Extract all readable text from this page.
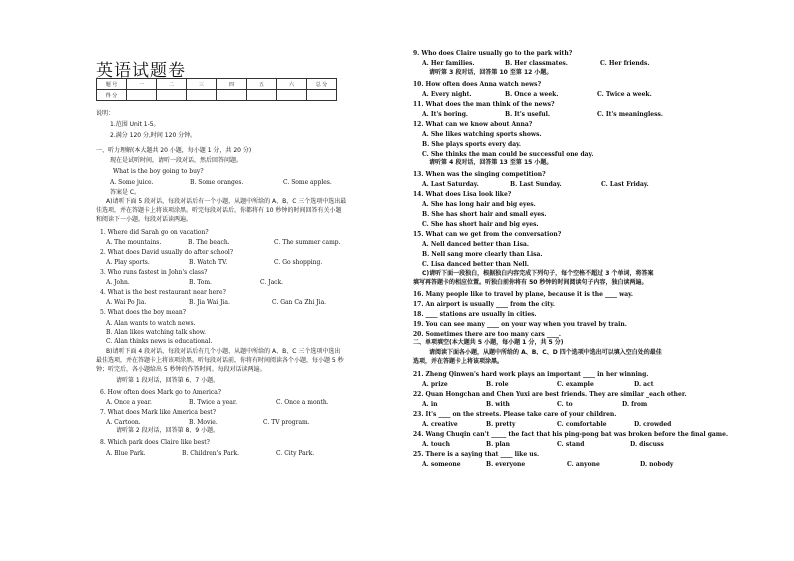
英语试题卷
题 号	一	二	三	四	五	六	总 分
得 分							
说明：
1.范围 Unit 1-5。
2.满分 120 分,时间 120 分钟。
一、听力理解(本大题共 20 小题，每小题 1 分，共 20 分)
现在是试听时间，请听一段对话，然后回答问题。
What is the boy going to buy?
A. Some juice.	B. Some oranges.	C. Some apples.
答案是 C。
A)请听下面 5 段对话，每段对话后有一个小题，从题中所给的 A、B、C 三个选项中选出最
佳选项，并在答题卡上将该项涂黑。听完每段对话后，你都将有 10 秒钟的时间回答有关小题
和阅读下一小题。每段对话读两遍。
1. Where did Sarah go on vacation?
A. The mountains.	B. The beach.	C. The summer camp.
2. What does David usually do after school?
A. Play sports.	B. Watch TV.	C. Go shopping.
3. Who runs fastest in John's class?
A. John.	B. Tom.	C. Jack.
4. What is the best restaurant near here?
A. Wai Po Jia.	B. Jia Wai Jia.	C. Gan Ca Zhi Jia.
5. What does the boy mean?
A. Alan wants to watch news.
B. Alan likes watching talk show.
C. Alan thinks news is educational.
B)请听下面 4 段对话，每段对话后有几个小题，从题中所给的 A、B、C 三个选项中选出
最佳选项，并在答题卡上将该项涂黑。听每段对话前，你将有时间阅读各个小题，每小题 5 秒
钟；听完后，各小题给出 5 秒钟的作答时间。每段对话读两遍。
请听第 1 段对话，回答第 6、7 小题。
6. How often does Mark go to America?
A. Once a year.	B. Twice a year.	C. Once a month.
7. What does Mark like America best?
A. Cartoon.	B. Movie.	C. TV program.
请听第 2 段对话，回答第 8、9 小题。
8. Which park does Claire like best?
A. Blue Park.	B. Children's Park.	C. City Park.
9. Who does Claire usually go to the park with?
A. Her families.	B. Her classmates.	C. Her friends.
请听第 3 段对话，回答第 10 至第 12 小题。
10. How often does Anna watch news?
A. Every night.	B. Once a week.	C. Twice a week.
11. What does the man think of the news?
A. It's boring.	B. It's useful.	C. It's meaningless.
12. What can we know about Anna?
A. She likes watching sports shows.
B. She plays sports every day.
C. She thinks the man could be successful one day.
请听第 4 段对话，回答第 13 至第 15 小题。
13. When was the singing competition?
A. Last Saturday.	B. Last Sunday.	C. Last Friday.
14. What does Lisa look like?
A. She has long hair and big eyes.
B. She has short hair and small eyes.
C. She has short hair and big eyes.
15. What can we get from the conversation?
A. Nell danced better than Lisa.
B. Nell sang more clearly than Lisa.
C. Lisa danced better than Nell.
C)请听下面一段独白，根据独白内容完成下列句子，每个空格不超过 3 个单词，将答案
填写再答题卡的相应位置。听独白前你将有 50 秒钟的时间阅读句子内容，独白读两遍。
16. Many people like to travel by plane, because it is the ____ way.
17. An airport is usually ____ from the city.
18. ____ stations are usually in cities.
19. You can see many ____ on your way when you travel by train.
20. Sometimes there are too many cars ____.
二、单项填空(本大题共 5 小题，每小题 1 分，共 5 分)
请阅读下面各小题，从题中所给的 A、B、C、D 四个选项中选出可以填入空白处的最佳
选项，并在答题卡上将该项涂黑。
21. Zheng Qinwen's hard work plays an important ____ in her winning.
A. prize	B. role	C. example	D. act
22. Quan Hongchan and Chen Yuxi are best friends. They are similar _each other.
A. in	B. with	C. to	D. from
23. It's ____ on the streets. Please take care of your children.
A. creative	B. pretty	C. comfortable	D. crowded
24. Wang Chuqin can't _____ the fact that his ping-pong bat was broken before the final game.
A. touch	B. plan	C. stand	D. discuss
25. There is a saying that ____ like us.
A. someone	B. everyone	C. anyone	D. nobody
